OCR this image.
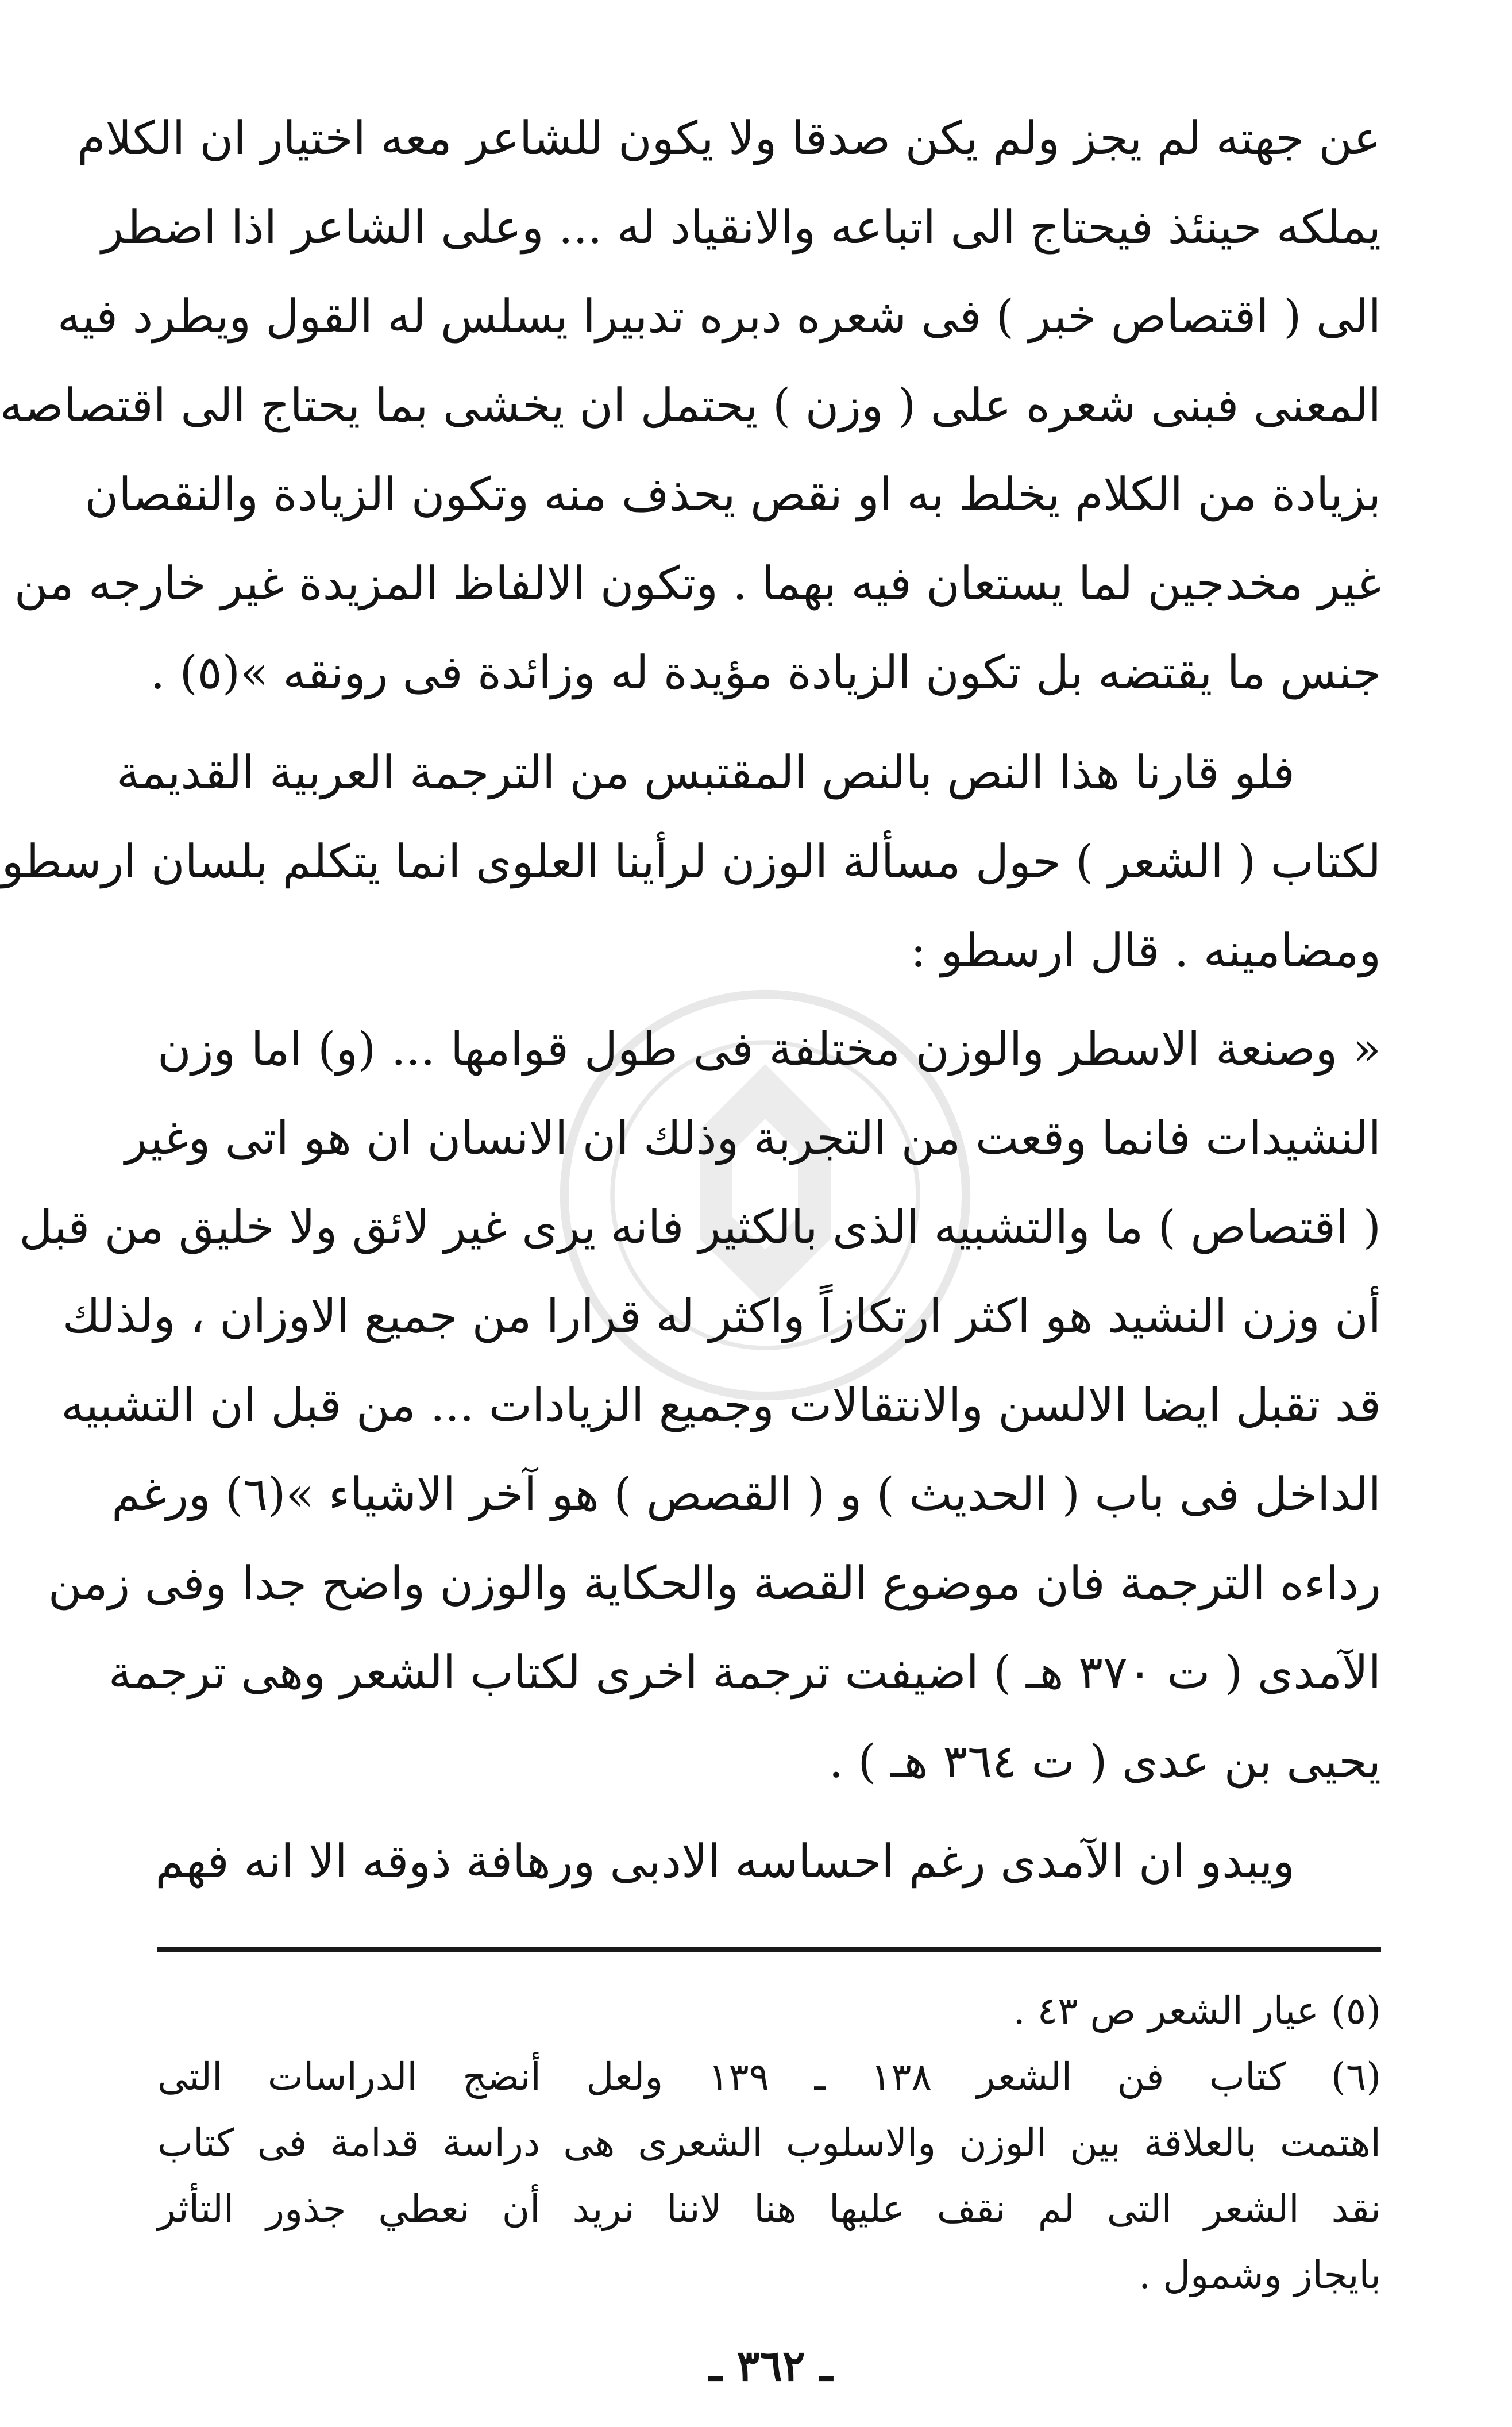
عن جهته لم يجز ولم يكن صدقا ولا يكون للشاعر معه اختيار ان الكلام
يملكه حينئذ فيحتاج الى اتباعه والانقياد له ... وعلى الشاعر اذا اضطر
الى ( اقتصاص خبر ) فى شعره دبره تدبيرا يسلس له القول ويطرد فيه
المعنى فبنى شعره على ( وزن ) يحتمل ان يخشى بما يحتاج الى اقتصاصه
بزيادة من الكلام يخلط به او نقص يحذف منه وتكون الزيادة والنقصان
غير مخدجين لما يستعان فيه بهما . وتكون الالفاظ المزيدة غير خارجه من
جنس ما يقتضه بل تكون الزيادة مؤيدة له وزائدة فى رونقه »(٥) .
فلو قارنا هذا النص بالنص المقتبس من الترجمة العربية القديمة
لكتاب ( الشعر ) حول مسألة الوزن لرأينا العلوى انما يتكلم بلسان ارسطو
ومضامينه . قال ارسطو :
« وصنعة الاسطر والوزن مختلفة فى طول قوامها ... (و) اما وزن
النشيدات فانما وقعت من التجربة وذلك ان الانسان ان هو اتى وغير
( اقتصاص ) ما والتشبيه الذى بالكثير فانه يرى غير لائق ولا خليق من قبل
أن وزن النشيد هو اكثر ارتكازاً واكثر له قرارا من جميع الاوزان ، ولذلك
قد تقبل ايضا الالسن والانتقالات وجميع الزيادات ... من قبل ان التشبيه
الداخل فى باب ( الحديث ) و ( القصص ) هو آخر الاشياء »(٦) ورغم
رداءه الترجمة فان موضوع القصة والحكاية والوزن واضح جدا وفى زمن
الآمدى ( ت ٣٧٠ هـ ) اضيفت ترجمة اخرى لكتاب الشعر وهى ترجمة
يحيى بن عدى ( ت ٣٦٤ هـ ) .
ويبدو ان الآمدى رغم احساسه الادبى ورهافة ذوقه الا انه فهم
(٥) عيار الشعر ص ٤٣ .
(٦) كتاب فن الشعر ١٣٨ ـ ١٣٩ ولعل أنضج الدراسات التى
اهتمت بالعلاقة بين الوزن والاسلوب الشعرى هى دراسة قدامة فى كتاب
نقد الشعر التى لم نقف عليها هنا لاننا نريد أن نعطي جذور التأثر
بايجاز وشمول .
ـ ٣٦٢ ـ
